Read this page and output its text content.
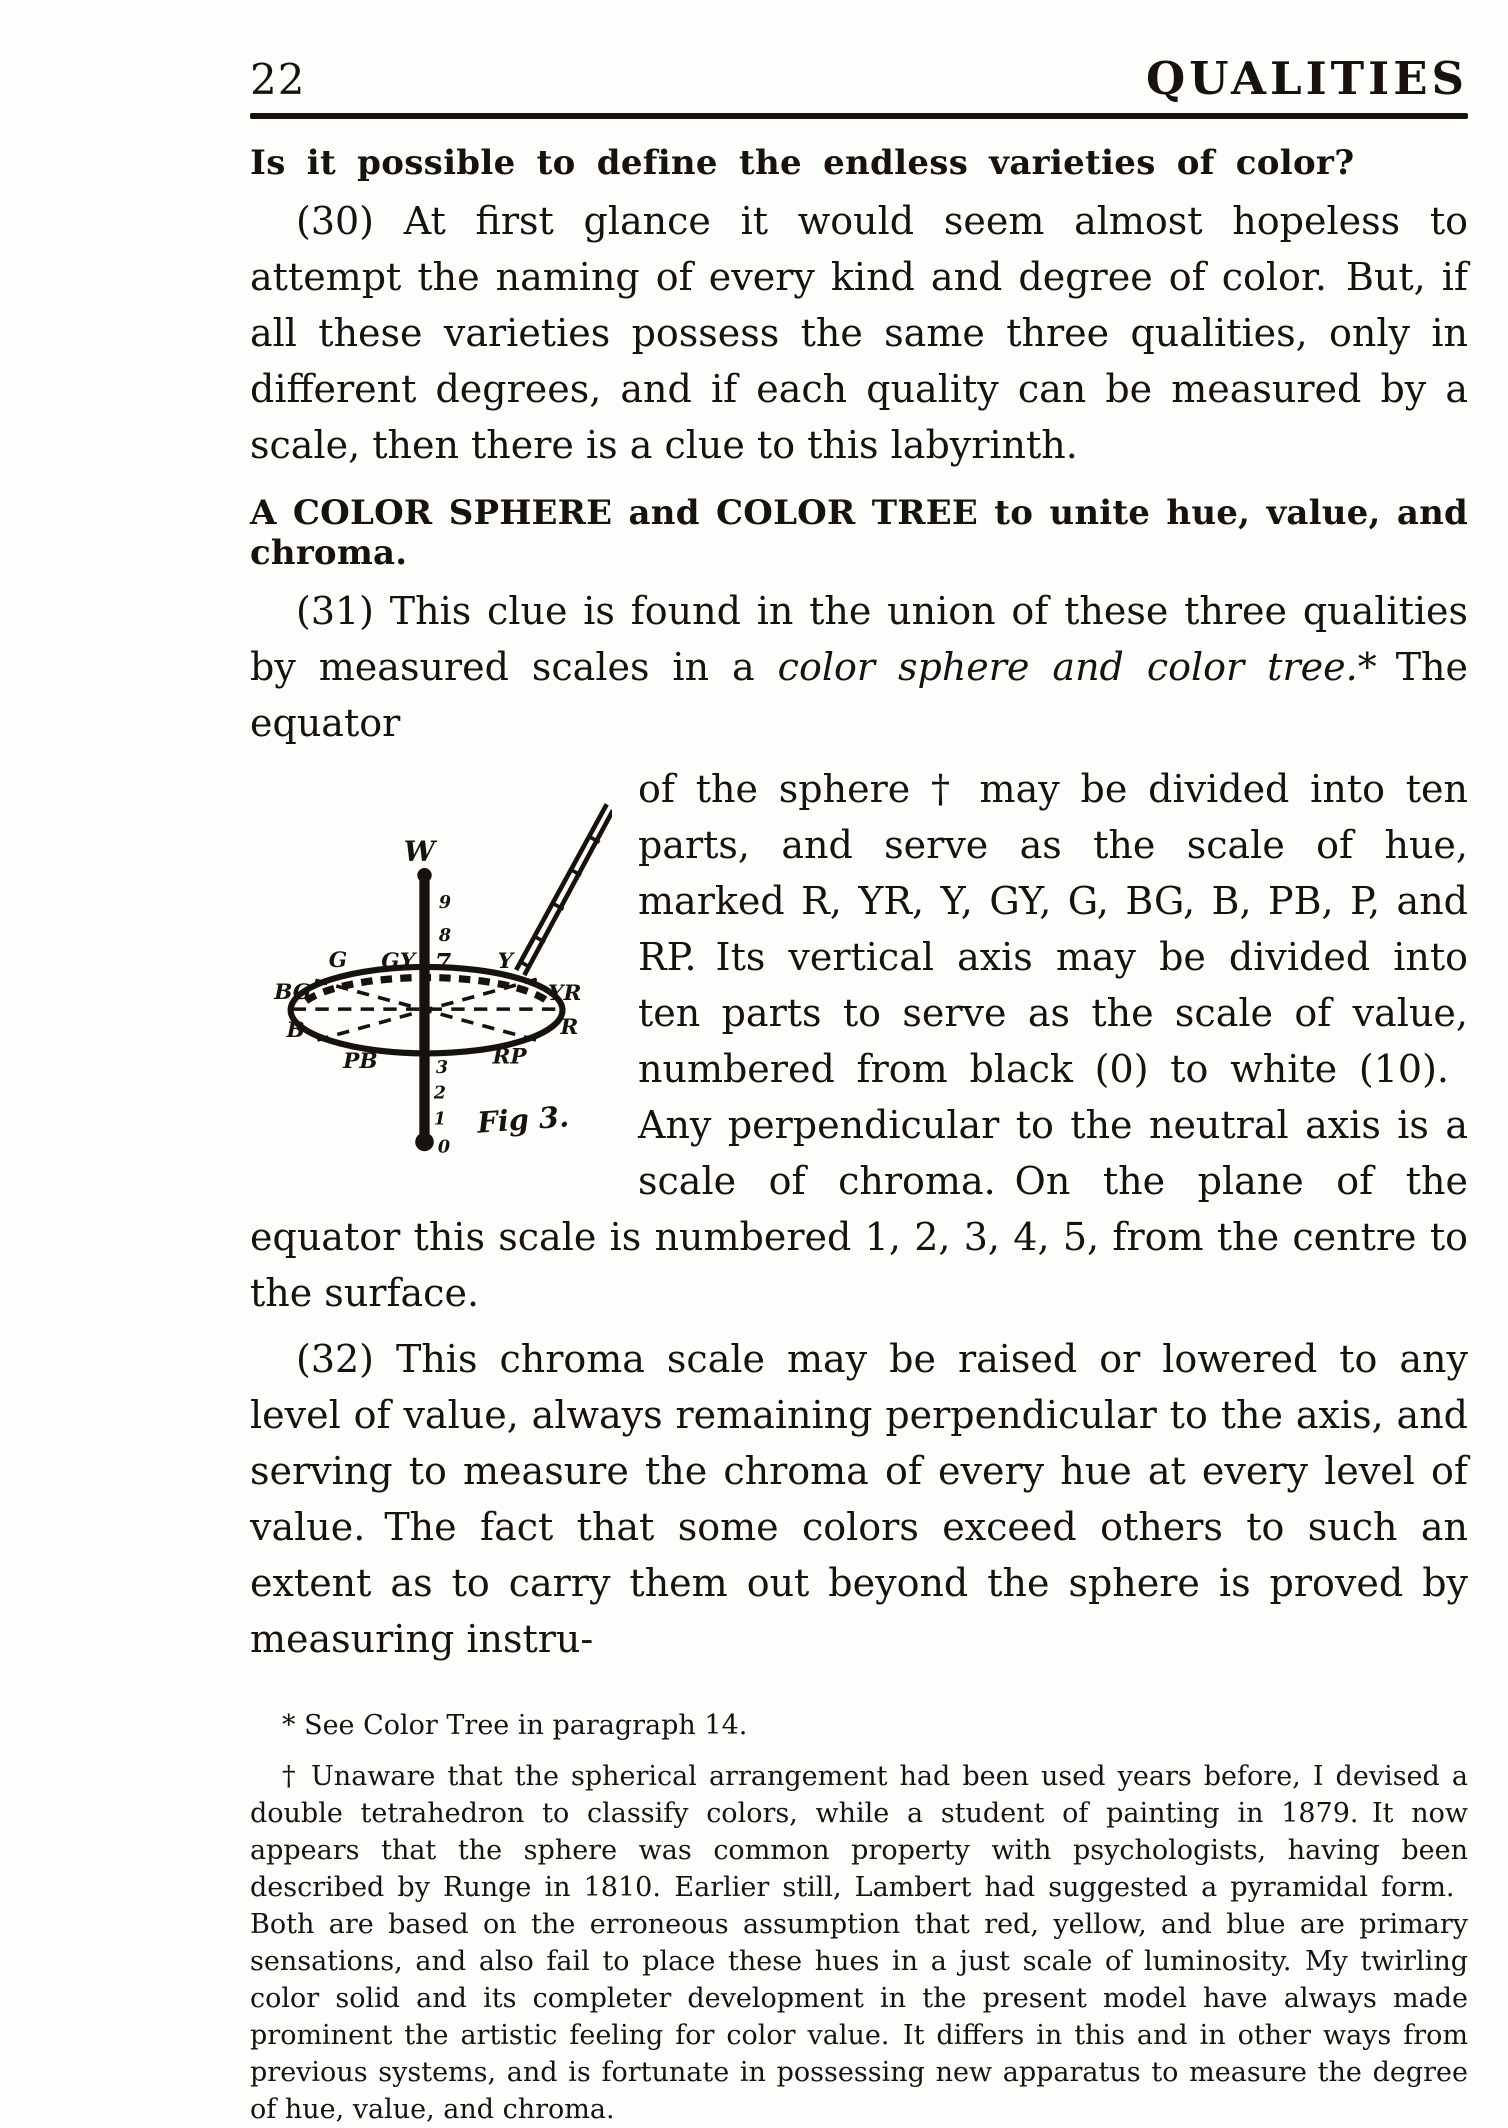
22	QUALITIES
Is it possible to define the endless varieties of color?

(30) At first glance it would seem almost hopeless to attempt the naming of every kind and degree of color. But, if all these varieties possess the same three qualities, only in different degrees, and if each quality can be measured by a scale, then there is a clue to this labyrinth.

A COLOR SPHERE and COLOR TREE to unite hue, value, and chroma.

(31) This clue is found in the union of these three qualities by measured scales in a color sphere and color tree.* The equator

W
9
8
7
3
2
1
0
GY
G	Y
BG
B
YR
R
PB	RP
Fig 3.

of the sphere † may be divided into ten parts, and serve as the scale of hue, marked R, YR, Y, GY, G, BG, B, PB, P, and RP. Its vertical axis may be divided into ten parts to serve as the scale of value, numbered from black (0) to white (10). Any perpendicular to the neutral axis is a scale of chroma. On the plane of the equator this scale is numbered 1, 2, 3, 4, 5, from the centre to the surface.

(32) This chroma scale may be raised or lowered to any level of value, always remaining perpendicular to the axis, and serving to measure the chroma of every hue at every level of value. The fact that some colors exceed others to such an extent as to carry them out beyond the sphere is proved by measuring instru-

* See Color Tree in paragraph 14.

† Unaware that the spherical arrangement had been used years before, I devised a double tetrahedron to classify colors, while a student of painting in 1879. It now appears that the sphere was common property with psychologists, having been described by Runge in 1810. Earlier still, Lambert had suggested a pyramidal form. Both are based on the erroneous assumption that red, yellow, and blue are primary sensations, and also fail to place these hues in a just scale of luminosity. My twirling color solid and its completer development in the present model have always made prominent the artistic feeling for color value. It differs in this and in other ways from previous systems, and is fortunate in possessing new apparatus to measure the degree of hue, value, and chroma.
